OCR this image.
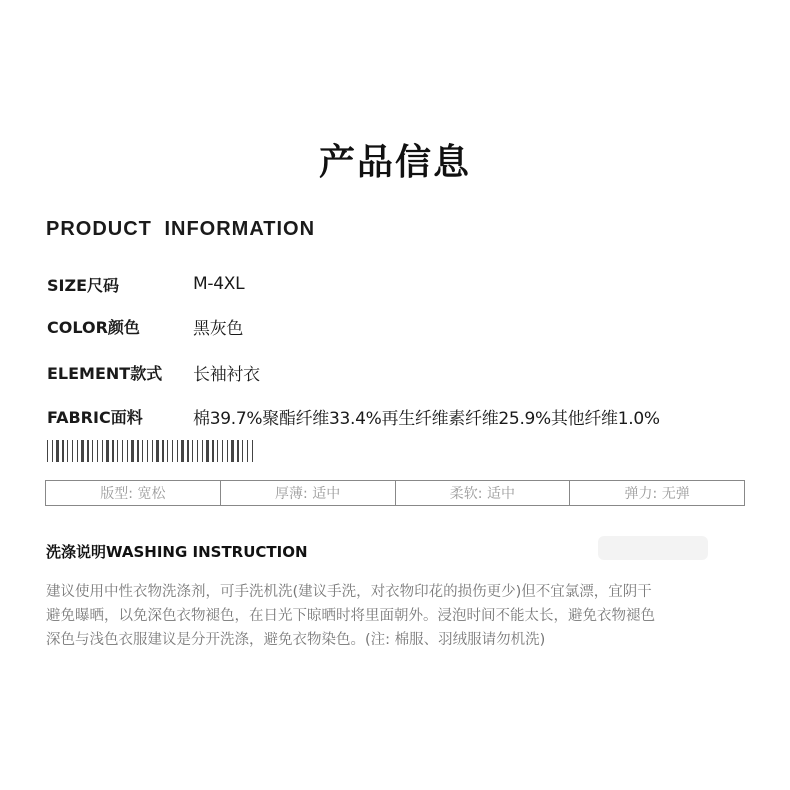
产品信息
PRODUCT INFORMATION
SIZE尺码	M-4XL
COLOR颜色	黑灰色
ELEMENT款式	长袖衬衣
FABRIC面料	棉39.7%聚酯纤维33.4%再生纤维素纤维25.9%其他纤维1.0%
版型: 宽松	厚薄: 适中	柔软: 适中	弹力: 无弹
洗涤说明WASHING INSTRUCTION
建议使用中性衣物洗涤剂，可手洗机洗(建议手洗，对衣物印花的损伤更少)但不宜氯漂，宜阴干
避免曝晒，以免深色衣物褪色，在日光下晾晒时将里面朝外。浸泡时间不能太长，避免衣物褪色
深色与浅色衣服建议是分开洗涤，避免衣物染色。(注: 棉服、羽绒服请勿机洗)
